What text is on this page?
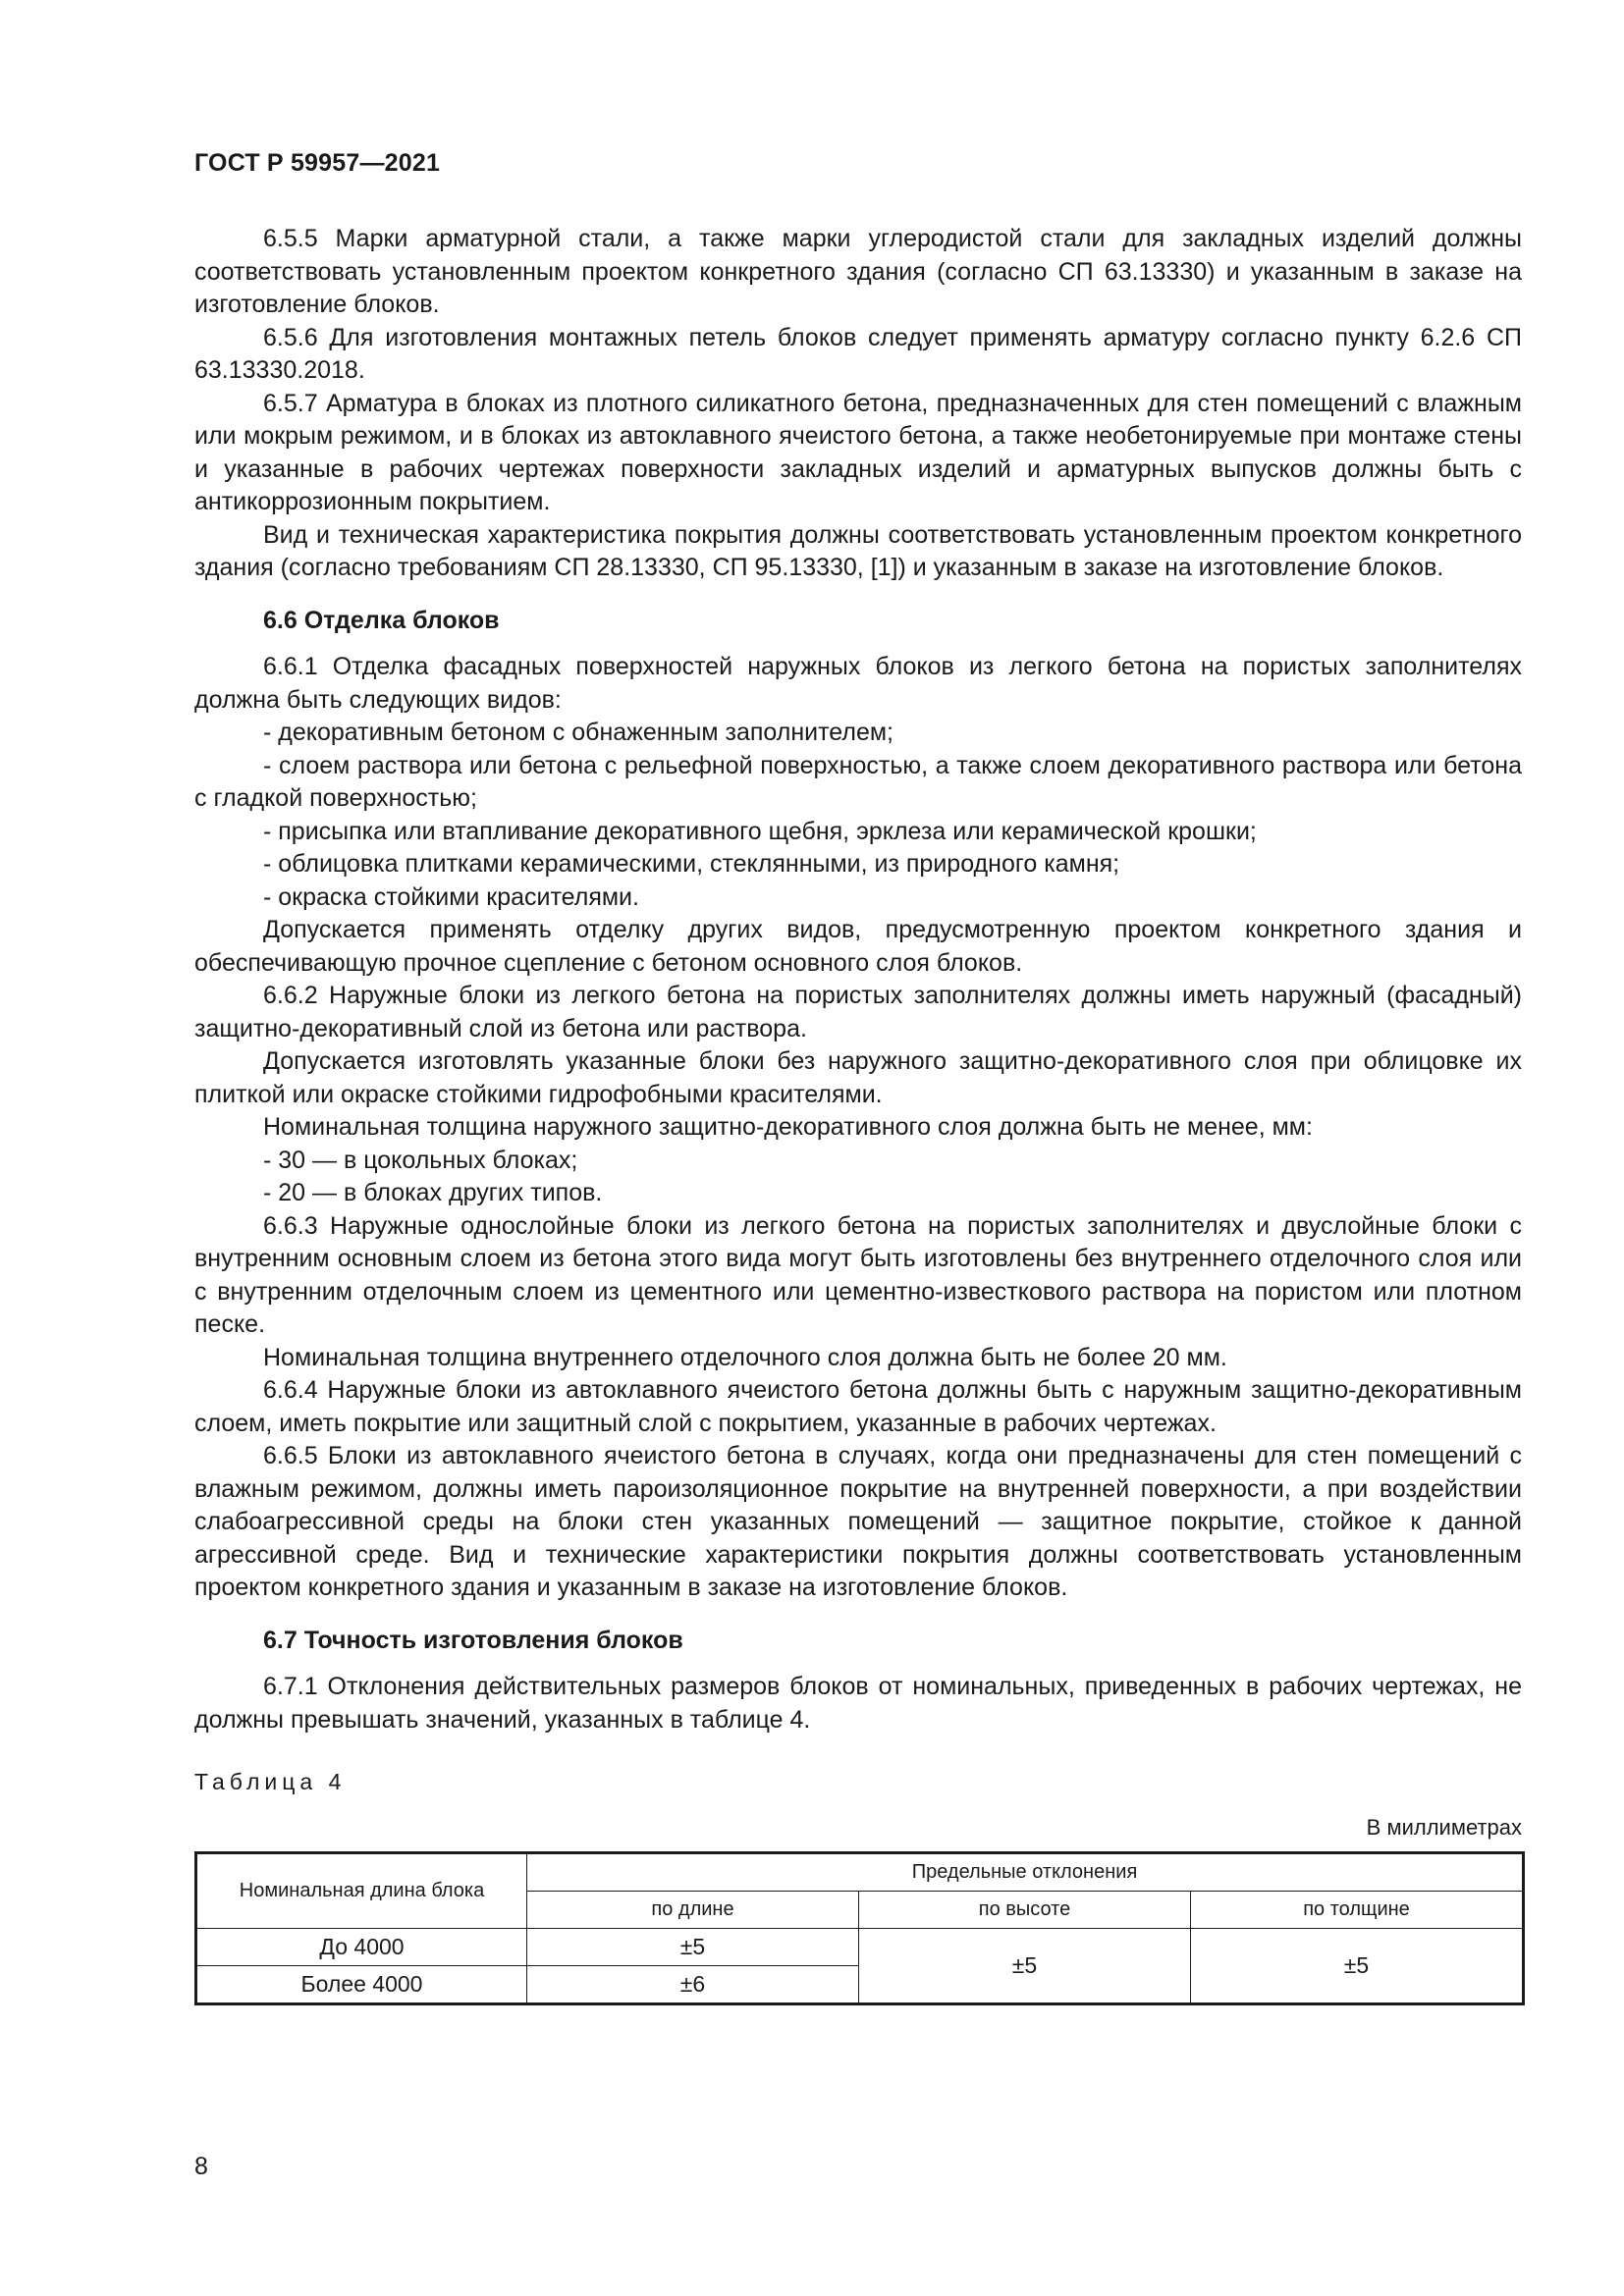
ГОСТ Р 59957—2021

6.5.5 Марки арматурной стали, а также марки углеродистой стали для закладных изделий должны соответствовать установленным проектом конкретного здания (согласно СП 63.13330) и указанным в заказе на изготовление блоков.

6.5.6 Для изготовления монтажных петель блоков следует применять арматуру согласно пункту 6.2.6 СП 63.13330.2018.

6.5.7 Арматура в блоках из плотного силикатного бетона, предназначенных для стен помещений с влажным или мокрым режимом, и в блоках из автоклавного ячеистого бетона, а также необетонируемые при монтаже стены и указанные в рабочих чертежах поверхности закладных изделий и арматурных выпусков должны быть с антикоррозионным покрытием.

Вид и техническая характеристика покрытия должны соответствовать установленным проектом конкретного здания (согласно требованиям СП 28.13330, СП 95.13330, [1]) и указанным в заказе на изготовление блоков.

6.6 Отделка блоков

6.6.1 Отделка фасадных поверхностей наружных блоков из легкого бетона на пористых заполнителях должна быть следующих видов:

- декоративным бетоном с обнаженным заполнителем;

- слоем раствора или бетона с рельефной поверхностью, а также слоем декоративного раствора или бетона с гладкой поверхностью;

- присыпка или втапливание декоративного щебня, эрклеза или керамической крошки;

- облицовка плитками керамическими, стеклянными, из природного камня;

- окраска стойкими красителями.

Допускается применять отделку других видов, предусмотренную проектом конкретного здания и обеспечивающую прочное сцепление с бетоном основного слоя блоков.

6.6.2 Наружные блоки из легкого бетона на пористых заполнителях должны иметь наружный (фасадный) защитно-декоративный слой из бетона или раствора.

Допускается изготовлять указанные блоки без наружного защитно-декоративного слоя при облицовке их плиткой или окраске стойкими гидрофобными красителями.

Номинальная толщина наружного защитно-декоративного слоя должна быть не менее, мм:

- 30 — в цокольных блоках;

- 20 — в блоках других типов.

6.6.3 Наружные однослойные блоки из легкого бетона на пористых заполнителях и двуслойные блоки с внутренним основным слоем из бетона этого вида могут быть изготовлены без внутреннего отделочного слоя или с внутренним отделочным слоем из цементного или цементно-известкового раствора на пористом или плотном песке.

Номинальная толщина внутреннего отделочного слоя должна быть не более 20 мм.

6.6.4 Наружные блоки из автоклавного ячеистого бетона должны быть с наружным защитно-декоративным слоем, иметь покрытие или защитный слой с покрытием, указанные в рабочих чертежах.

6.6.5 Блоки из автоклавного ячеистого бетона в случаях, когда они предназначены для стен помещений с влажным режимом, должны иметь пароизоляционное покрытие на внутренней поверхности, а при воздействии слабоагрессивной среды на блоки стен указанных помещений — защитное покрытие, стойкое к данной агрессивной среде. Вид и технические характеристики покрытия должны соответствовать установленным проектом конкретного здания и указанным в заказе на изготовление блоков.

6.7 Точность изготовления блоков

6.7.1 Отклонения действительных размеров блоков от номинальных, приведенных в рабочих чертежах, не должны превышать значений, указанных в таблице 4.

Таблица 4
В миллиметрах
Номинальная длина блока	Предельные отклонения		
	по длине	по высоте	по толщине
До 4000	±5	±5	±5
Более 4000	±6		
8
